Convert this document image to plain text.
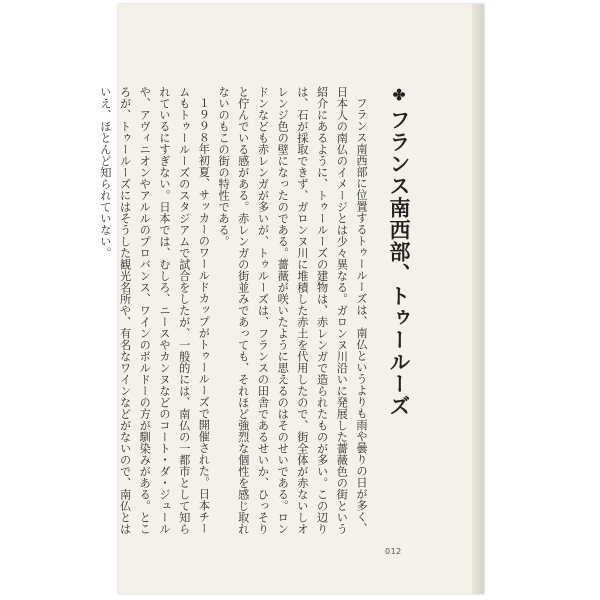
✤フランス南西部、トゥールーズ

フランス南西部に位置するトゥールーズは、南仏というよりも雨や曇りの日が多く、日本人の南仏のイメージとは少々異なる。ガロンヌ川沿いに発展した薔薇色の街という紹介にあるように、トゥールーズの建物は、赤レンガで造られたものが多い。この辺りは、石が採取できず、ガロンヌ川に堆積した赤土を代用したので、街全体が赤ないしオレンジ色の壁になったのである。薔薇が咲いたように思えるのはそのせいである。ロンドンなども赤レンガが多いが、トゥルーズは、フランスの田舎であるせいか、ひっそりと佇んでいる感がある。赤レンガの街並みであっても、それほど強烈な個性を感じ取れないのもこの街の特性である。

１９９８年初夏、サッカーのワールドカップがトゥールーズで開催された。日本チームもトゥールーズのスタジアムで試合をしたが、一般的には、南仏の一都市として知られているにすぎない。日本では、むしろ、ニースやカンヌなどのコート・ダ・ジュールや、アヴィニオンやアルルのプロバンス、ワインのボルドーの方が馴染みがある。ところが、トゥールーズにはそうした観光名所や、有名なワインなどがないので、南仏とはいえ、ほとんど知られていない。

012
